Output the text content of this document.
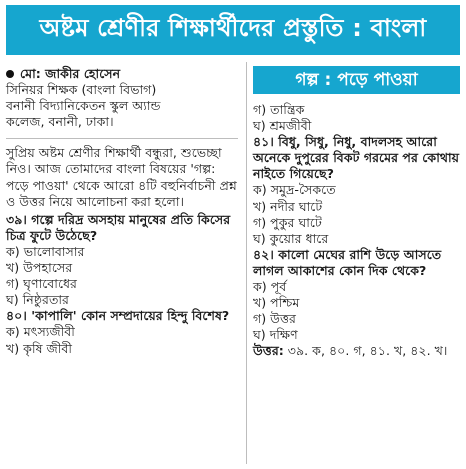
অষ্টম শ্রেণীর শিক্ষার্থীদের প্রস্তুতি : বাংলা
মো: জাকীর হোসেন

সিনিয়র শিক্ষক (বাংলা বিভাগ)

বনানী বিদ্যানিকেতন স্কুল অ্যান্ড

কলেজ, বনানী, ঢাকা।

সুপ্রিয় অষ্টম শ্রেণীর শিক্ষার্থী বন্ধুরা, শুভেচ্ছা নিও। আজ তোমাদের বাংলা বিষয়ের 'গল্প: পড়ে পাওয়া' থেকে আরো ৪টি বহুনির্বাচনী প্রশ্ন ও উত্তর নিয়ে আলোচনা করা হলো।

৩৯। গল্পে দরিদ্র অসহায় মানুষের প্রতি কিসের চিত্র ফুটে উঠেছে?

ক) ভালোবাসার
খ) উপহাসের
গ) ঘৃণাবোধের
ঘ) নিষ্ঠুরতার

৪০। 'কাপালি' কোন সম্প্রদায়ের হিন্দু বিশেষ?

ক) মৎস্যজীবী
খ) কৃষি জীবী
গল্প : পড়ে পাওয়া
গ) তান্ত্রিক
ঘ) শ্রমজীবী

৪১। বিধু, সিধু, নিধু, বাদলসহ আরো অনেকে দুপুরের বিকট গরমের পর কোথায় নাইতে গিয়েছে?

ক) সমুদ্র-সৈকতে
খ) নদীর ঘাটে
গ) পুকুর ঘাটে
ঘ) কুয়োর ধারে

৪২। কালো মেঘের রাশি উড়ে আসতে লাগল আকাশের কোন দিক থেকে?

ক) পূর্ব
খ) পশ্চিম
গ) উত্তর
ঘ) দক্ষিণ

উত্তর: ৩৯. ক, ৪০. গ, ৪১. খ, ৪২. খ।
